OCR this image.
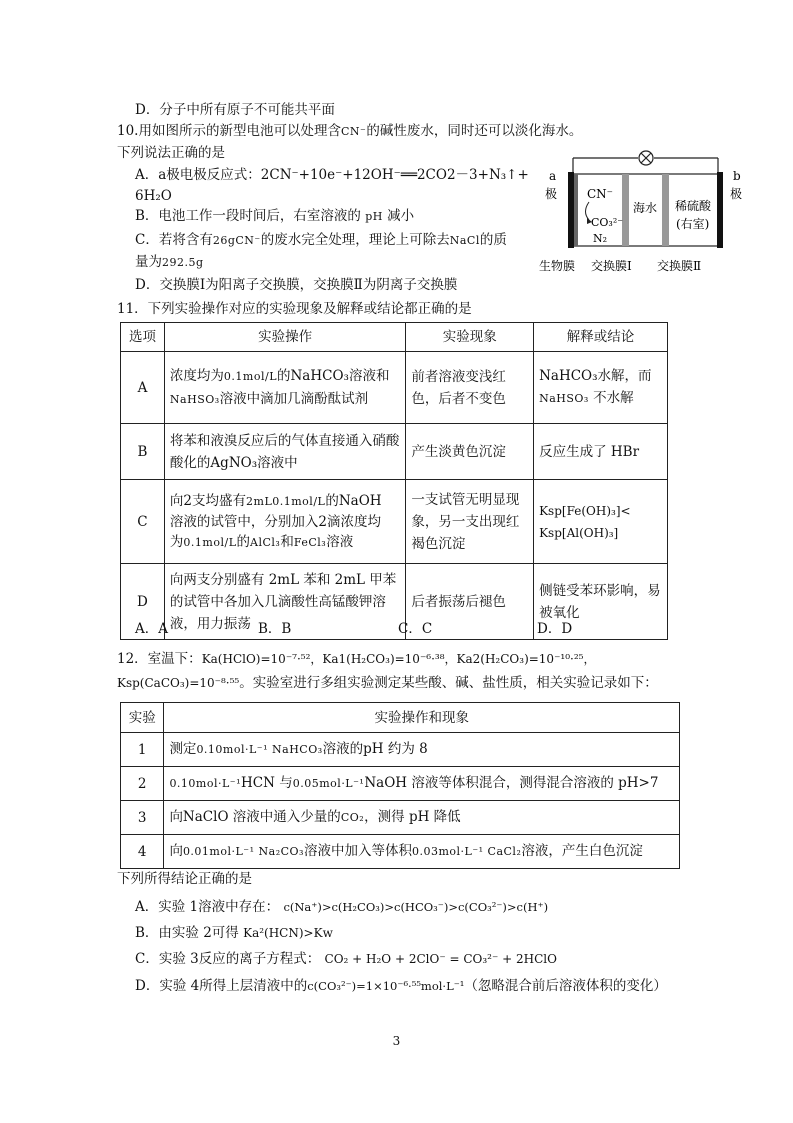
D．分子中所有原子不可能共平面
10.用如图所示的新型电池可以处理含CN⁻的碱性废水，同时还可以淡化海水。
下列说法正确的是
A．a极电极反应式：2CN⁻+10e⁻+12OH⁻══2CO2－3+N₃↑+
6H₂O
B．电池工作一段时间后，右室溶液的 pH 减小
C．若将含有26gCN⁻的废水完全处理，理论上可除去NaCl的质
量为292.5g
D．交换膜Ⅰ为阳离子交换膜，交换膜Ⅱ为阴离子交换膜
a
极
b
极
CN⁻
CO₃²⁻
N₂
海水 稀硫酸
(右室)
生物膜 交换膜Ⅰ 交换膜Ⅱ
11．下列实验操作对应的实验现象及解释或结论都正确的是
选项	实验操作	实验现象	解释或结论
A	浓度均为0.1mol/L的NaHCO₃溶液和
NaHSO₃溶液中滴加几滴酚酞试剂	前者溶液变浅红色，后者不变色	NaHCO₃水解，而
NaHSO₃ 不水解
B	将苯和液溴反应后的气体直接通入硝酸酸化的AgNO₃溶液中	产生淡黄色沉淀	反应生成了 HBr
C	向2支均盛有2mL0.1mol/L的NaOH
溶液的试管中，分别加入2滴浓度均
为0.1mol/L的AlCl₃和FeCl₃溶液	一支试管无明显现象，另一支出现红褐色沉淀	Ksp[Fe(OH)₃]<
Ksp[Al(OH)₃]
D	向两支分别盛有 2mL 苯和 2mL 甲苯的试管中各加入几滴酸性高锰酸钾溶液，用力振荡	后者振荡后褪色	侧链受苯环影响，易被氧化
A．A	B．B	C．C	D．D
12．室温下：Ka(HClO)=10⁻⁷·⁵²，Ka1(H₂CO₃)=10⁻⁶·³⁸，Ka2(H₂CO₃)=10⁻¹⁰·²⁵，
Ksp(CaCO₃)=10⁻⁸·⁵⁵。实验室进行多组实验测定某些酸、碱、盐性质，相关实验记录如下：
实验	实验操作和现象
1	测定0.10mol·L⁻¹ NaHCO₃溶液的pH 约为 8
2	0.10mol·L⁻¹HCN 与0.05mol·L⁻¹NaOH 溶液等体积混合，测得混合溶液的 pH>7
3	向NaClO 溶液中通入少量的CO₂，测得 pH 降低
4	向0.01mol·L⁻¹ Na₂CO₃溶液中加入等体积0.03mol·L⁻¹ CaCl₂溶液，产生白色沉淀
下列所得结论正确的是
A．实验 1溶液中存在： c(Na⁺)>c(H₂CO₃)>c(HCO₃⁻)>c(CO₃²⁻)>c(H⁺)
B．由实验 2可得 Ka²(HCN)>Kw
C．实验 3反应的离子方程式： CO₂ + H₂O + 2ClO⁻ = CO₃²⁻ + 2HClO
D．实验 4所得上层清液中的c(CO₃²⁻)=1×10⁻⁶·⁵⁵mol·L⁻¹（忽略混合前后溶液体积的变化）
3
